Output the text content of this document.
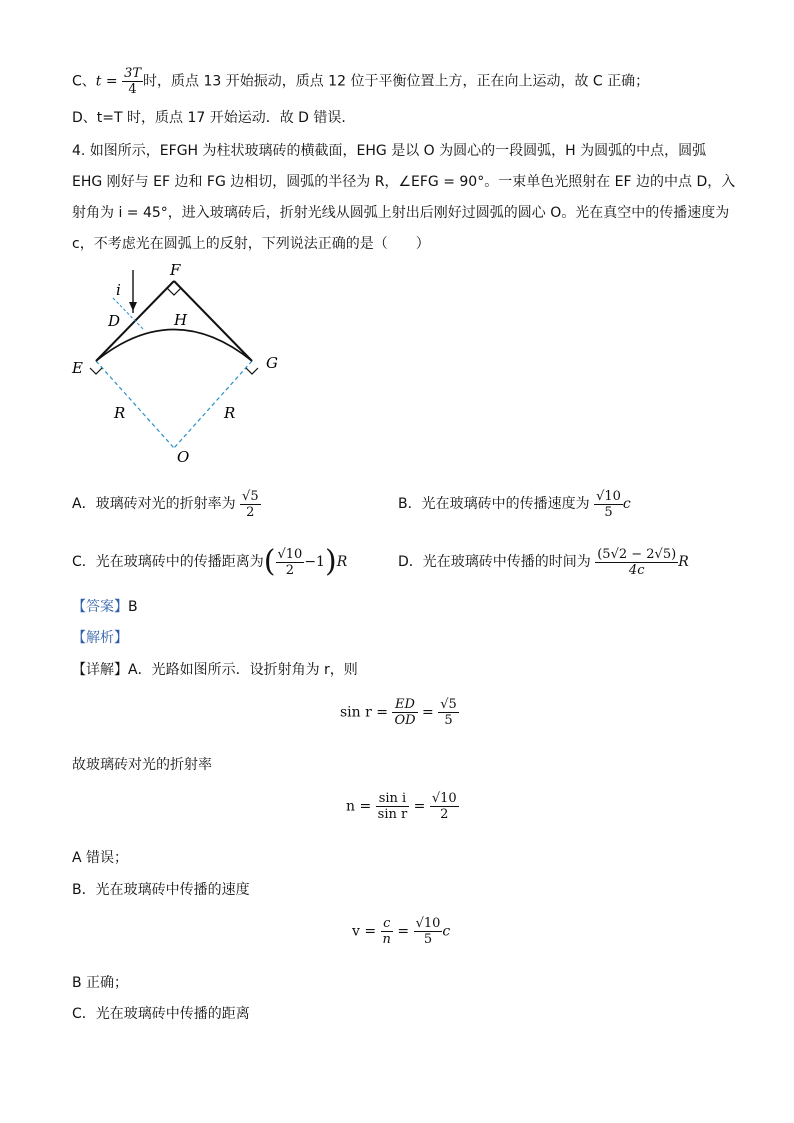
C、$t = \frac{3T}{4}$ 时，质点 13 开始振动，质点 12 位于平衡位置上方，正在向上运动，故 C 正确；
D、t=T 时，质点 17 开始运动．故 D 错误．
4. 如图所示，EFGH 为柱状玻璃砖的横截面，EHG 是以 O 为圆心的一段圆弧，H 为圆弧的中点，圆弧
EHG 刚好与 EF 边和 FG 边相切，圆弧的半径为 R，∠EFG = 90°。一束单色光照射在 EF 边的中点 D，入
射角为 i = 45°，进入玻璃砖后，折射光线从圆弧上射出后刚好过圆弧的圆心 O。光在真空中的传播速度为
c，不考虑光在圆弧上的反射，下列说法正确的是（　　）
F
i
D	H
E	G
R	R
O
A．玻璃砖对光的折射率为 $\frac{√5}{2}$	B．光在玻璃砖中的传播速度为 $\frac{√10}{5}$ c
C．光在玻璃砖中的传播距离为( $\frac{√10}{2} -1)R$	D．光在玻璃砖中传播的时间为 $\frac{(5√2 - 2√5)}{4c}$ R
【答案】B
【解析】
【详解】A．光路如图所示．设折射角为 r，则
$\sin r = \frac{ED}{OD} = \frac{√5}{5}$
故玻璃砖对光的折射率
$n = \frac{\text{sin i}}{\text{sin r}} = \frac{√10}{2}$
A 错误；
B．光在玻璃砖中传播的速度
$v = \frac{c}{n} = \frac{√10}{5}$ c
B 正确；
C．光在玻璃砖中传播的距离
